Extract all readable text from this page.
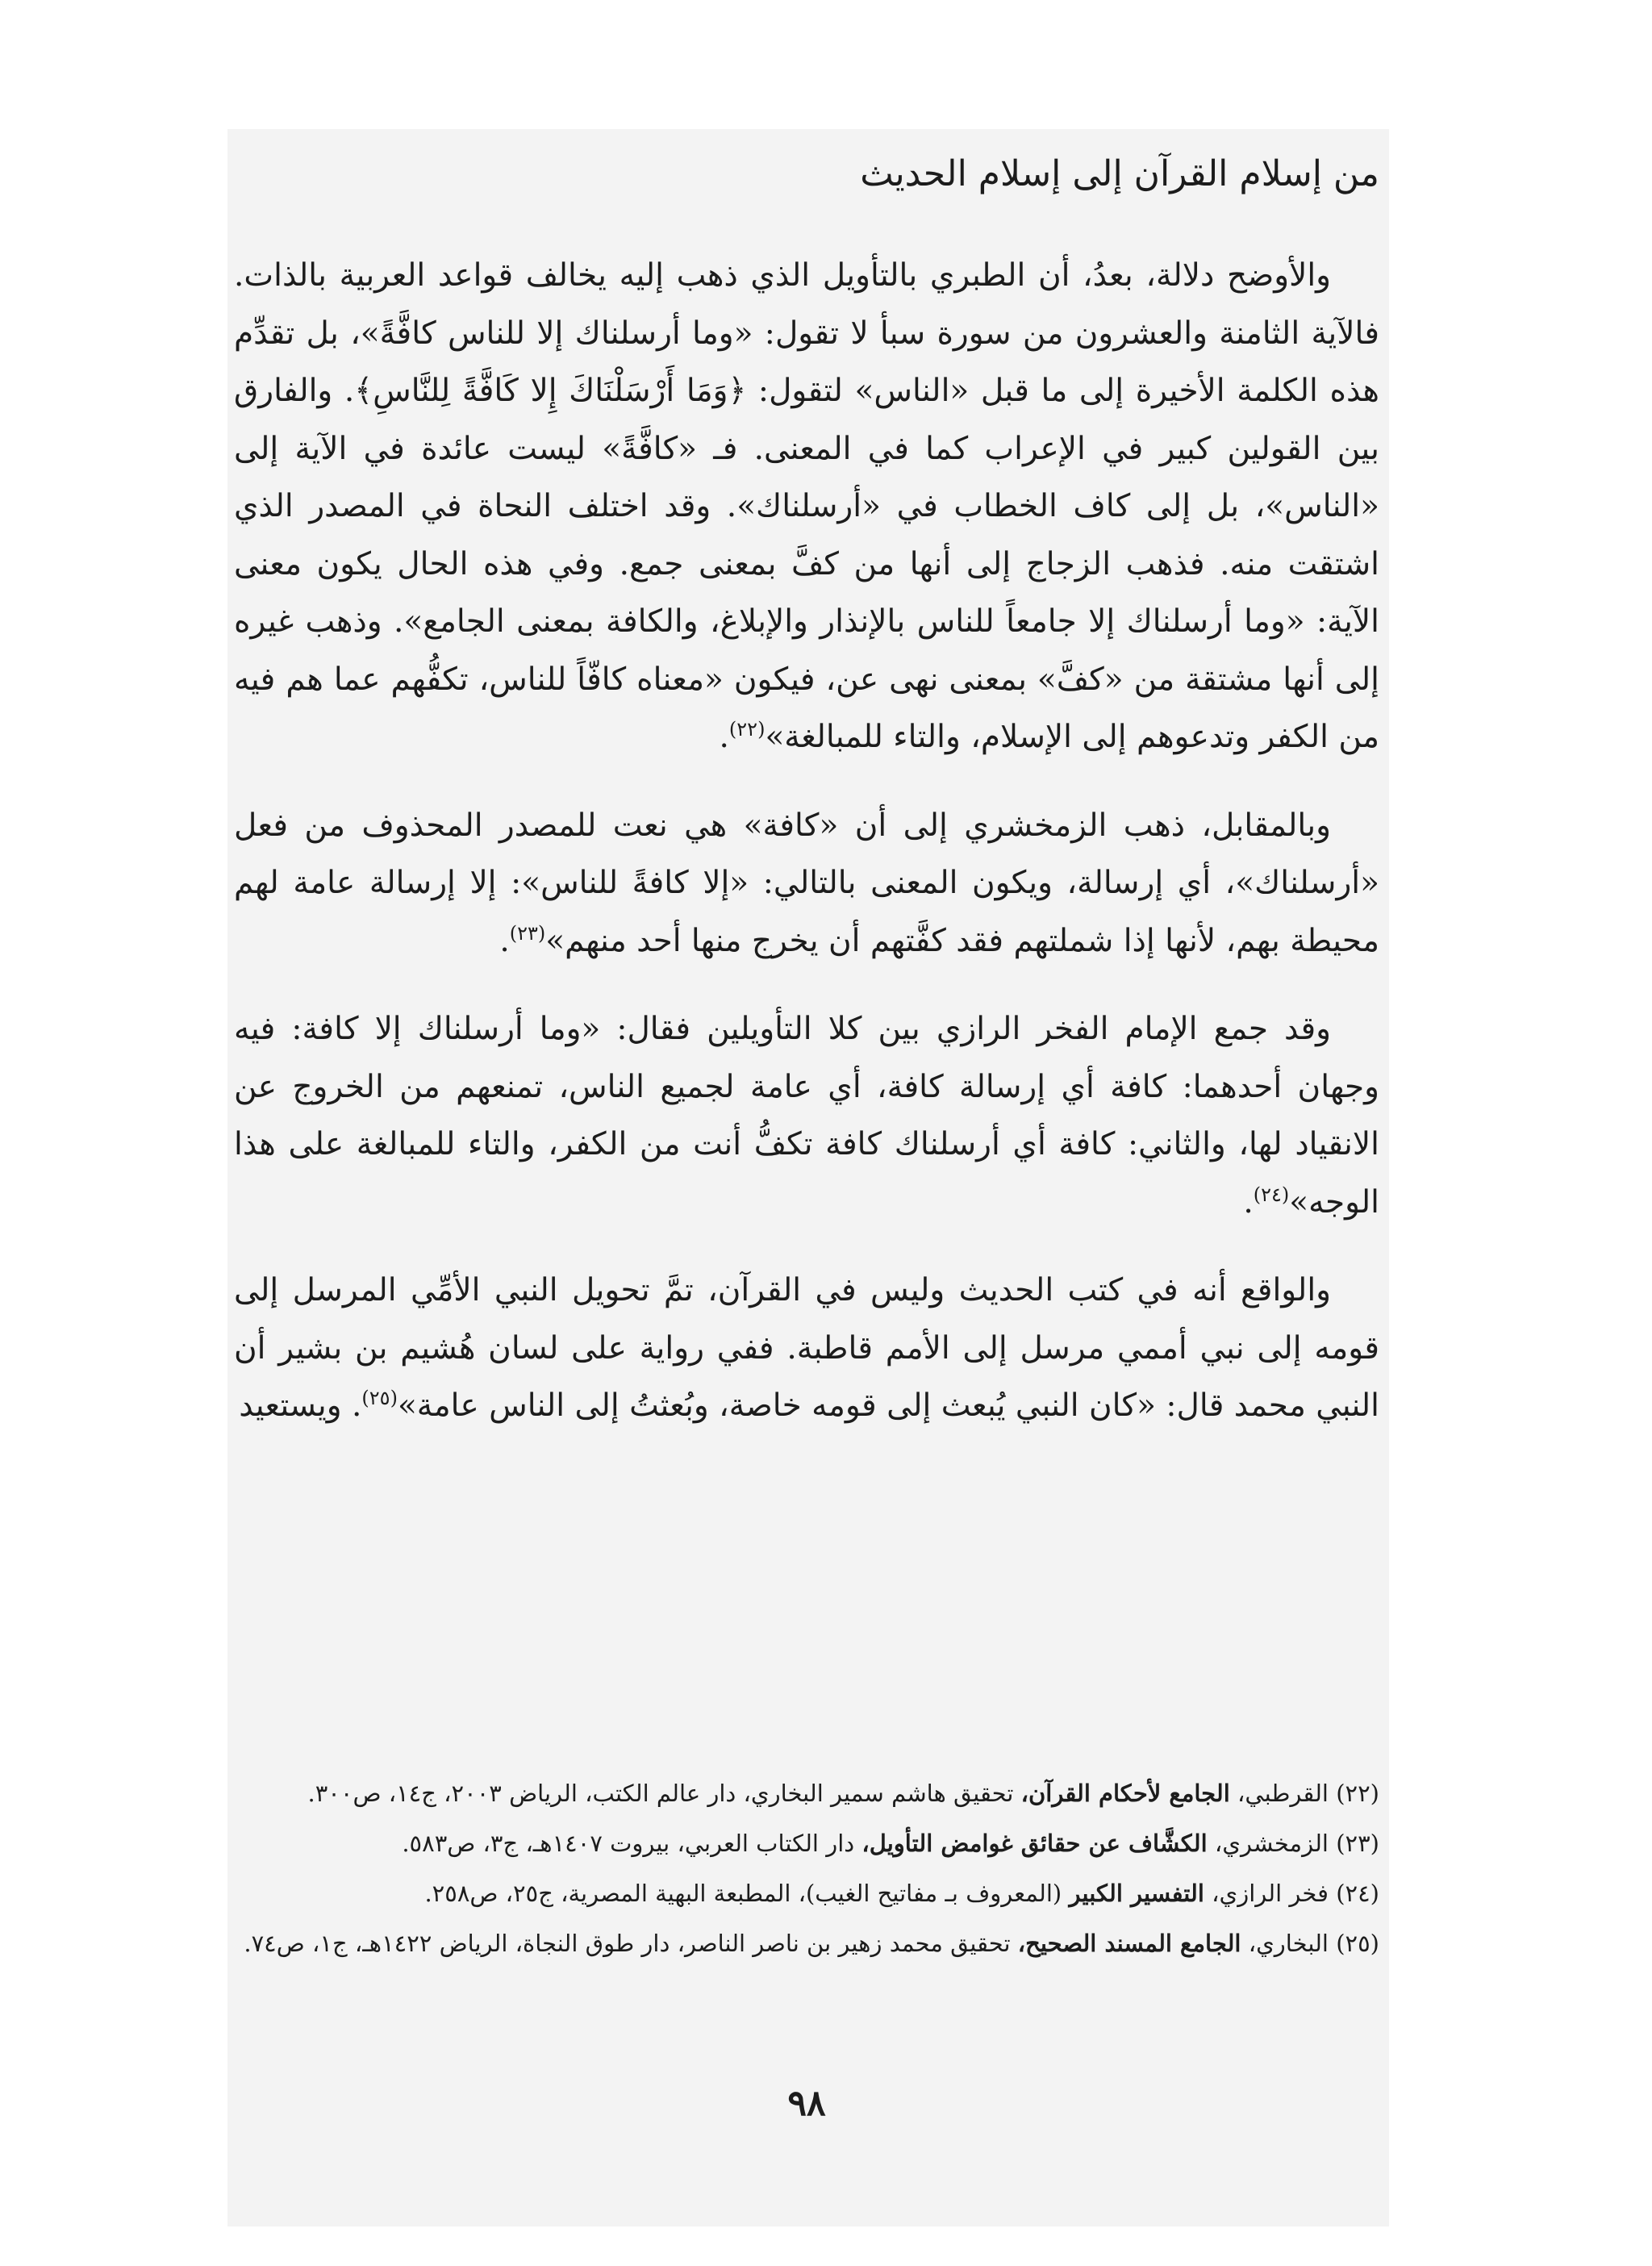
من إسلام القرآن إلى إسلام الحديث

والأوضح دلالة، بعدُ، أن الطبري بالتأويل الذي ذهب إليه يخالف قواعد العربية بالذات. فالآية الثامنة والعشرون من سورة سبأ لا تقول: «وما أرسلناك إلا للناس كافَّةً»، بل تقدِّم هذه الكلمة الأخيرة إلى ما قبل «الناس» لتقول: ﴿وَمَا أَرْسَلْنَاكَ إِلا كَافَّةً لِلنَّاسِ﴾. والفارق بين القولين كبير في الإعراب كما في المعنى. فـ «كافَّةً» ليست عائدة في الآية إلى «الناس»، بل إلى كاف الخطاب في «أرسلناك». وقد اختلف النحاة في المصدر الذي اشتقت منه. فذهب الزجاج إلى أنها من كفَّ بمعنى جمع. وفي هذه الحال يكون معنى الآية: «وما أرسلناك إلا جامعاً للناس بالإنذار والإبلاغ، والكافة بمعنى الجامع». وذهب غيره إلى أنها مشتقة من «كفَّ» بمعنى نهى عن، فيكون «معناه كافّاً للناس، تكفُّهم عما هم فيه من الكفر وتدعوهم إلى الإسلام، والتاء للمبالغة»$^{(٢٢)}$.

وبالمقابل، ذهب الزمخشري إلى أن «كافة» هي نعت للمصدر المحذوف من فعل «أرسلناك»، أي إرسالة، ويكون المعنى بالتالي: «إلا كافةً للناس»: إلا إرسالة عامة لهم محيطة بهم، لأنها إذا شملتهم فقد كفَّتهم أن يخرج منها أحد منهم»$^{(٢٣)}$.

وقد جمع الإمام الفخر الرازي بين كلا التأويلين فقال: «وما أرسلناك إلا كافة: فيه وجهان أحدهما: كافة أي إرسالة كافة، أي عامة لجميع الناس، تمنعهم من الخروج عن الانقياد لها، والثاني: كافة أي أرسلناك كافة تكفُّ أنت من الكفر، والتاء للمبالغة على هذا الوجه»$^{(٢٤)}$.

والواقع أنه في كتب الحديث وليس في القرآن، تمَّ تحويل النبي الأمِّي المرسل إلى قومه إلى نبي أممي مرسل إلى الأمم قاطبة. ففي رواية على لسان هُشيم بن بشير أن النبي محمد قال: «كان النبي يُبعث إلى قومه خاصة، وبُعثتُ إلى الناس عامة»$^{(٢٥)}$. ويستعيد

(٢٢) القرطبي، الجامع لأحكام القرآن، تحقيق هاشم سمير البخاري، دار عالم الكتب، الرياض ٢٠٠٣، ج١٤، ص٣٠٠.
(٢٣) الزمخشري، الكشَّاف عن حقائق غوامض التأويل، دار الكتاب العربي، بيروت ١٤٠٧هـ، ج٣، ص٥٨٣.
(٢٤) فخر الرازي، التفسير الكبير (المعروف بـ مفاتيح الغيب)، المطبعة البهية المصرية، ج٢٥، ص٢٥٨.
(٢٥) البخاري، الجامع المسند الصحيح، تحقيق محمد زهير بن ناصر الناصر، دار طوق النجاة، الرياض ١٤٢٢هـ، ج١، ص٧٤.
٩٨
